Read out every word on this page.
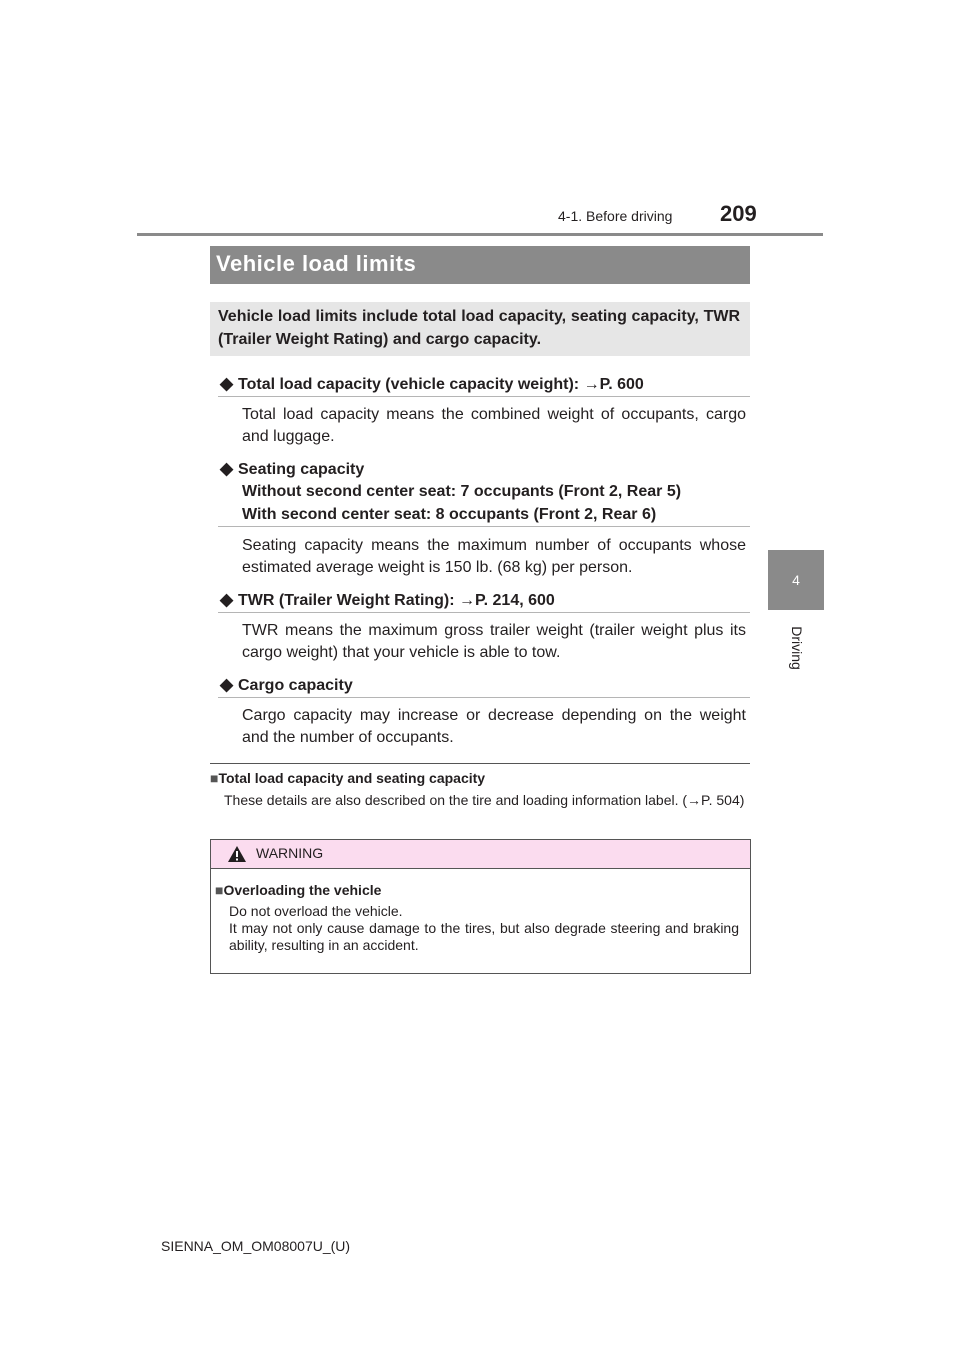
4-1. Before driving 209
4
Driving
Vehicle load limits

Vehicle load limits include total load capacity, seating capacity, TWR (Trailer Weight Rating) and cargo capacity.

◆ Total load capacity (vehicle capacity weight): →P. 600

Total load capacity means the combined weight of occupants, cargo and luggage.

◆ Seating capacity
Without second center seat: 7 occupants (Front 2, Rear 5)
With second center seat: 8 occupants (Front 2, Rear 6)

Seating capacity means the maximum number of occupants whose estimated average weight is 150 lb. (68 kg) per person.

◆ TWR (Trailer Weight Rating): →P. 214, 600

TWR means the maximum gross trailer weight (trailer weight plus its cargo weight) that your vehicle is able to tow.

◆ Cargo capacity

Cargo capacity may increase or decrease depending on the weight and the number of occupants.

■Total load capacity and seating capacity

These details are also described on the tire and loading information label. (→P. 504)

WARNING
■Overloading the vehicle
Do not overload the vehicle.
It may not only cause damage to the tires, but also degrade steering and braking ability, resulting in an accident.
SIENNA_OM_OM08007U_(U)
